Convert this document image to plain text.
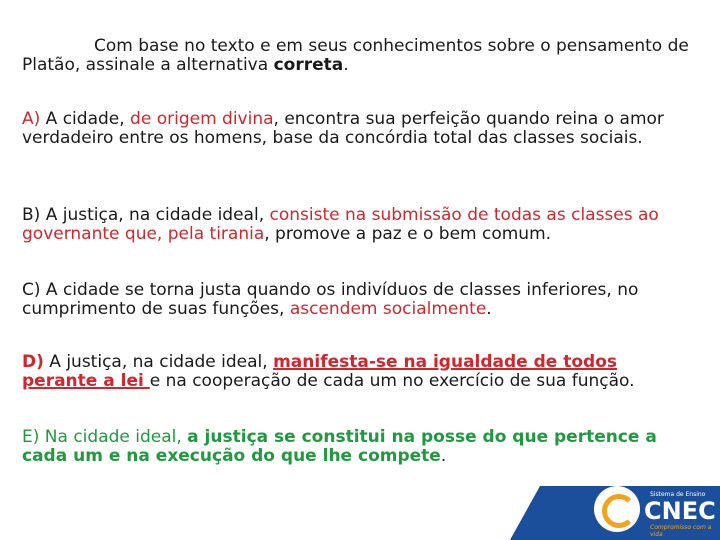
Com base no texto e em seus conhecimentos sobre o pensamento de Platão, assinale a alternativa correta.

A) A cidade, de origem divina, encontra sua perfeição quando reina o amor verdadeiro entre os homens, base da concórdia total das classes sociais.

B) A justiça, na cidade ideal, consiste na submissão de todas as classes ao governante que, pela tirania, promove a paz e o bem comum.

C) A cidade se torna justa quando os indivíduos de classes inferiores, no cumprimento de suas funções, ascendem socialmente.

D) A justiça, na cidade ideal, manifesta-se na igualdade de todos perante a lei e na cooperação de cada um no exercício de sua função.

E) Na cidade ideal, a justiça se constitui na posse do que pertence a cada um e na execução do que lhe compete.

Sistema de Ensino
CNEC
Compromisso com a vida
